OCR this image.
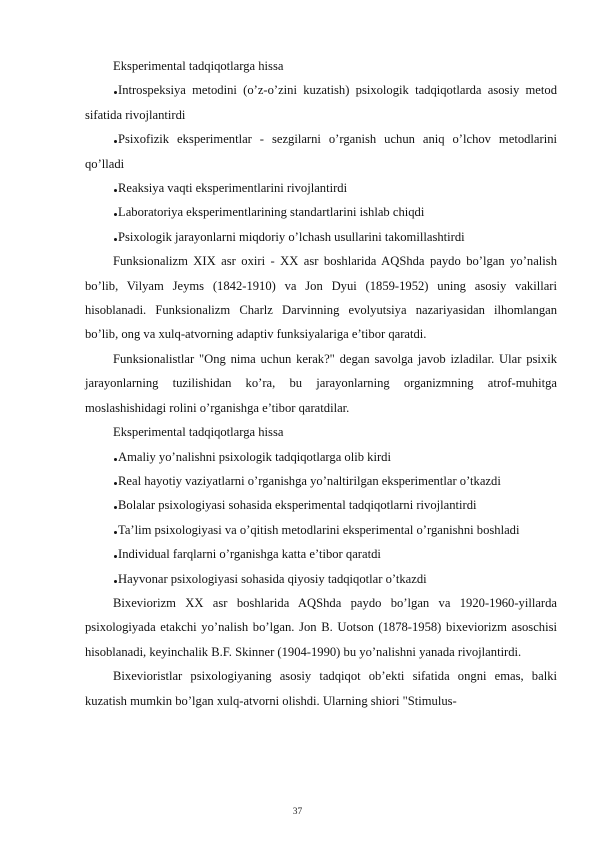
Eksperimental tadqiqotlarga hissa
Introspeksiya metodini (o’z-o’zini kuzatish) psixologik tadqiqotlarda asosiy metod sifatida rivojlantirdi
Psixofizik eksperimentlar - sezgilarni o’rganish uchun aniq o’lchov metodlarini qo’lladi
Reaksiya vaqti eksperimentlarini rivojlantirdi
Laboratoriya eksperimentlarining standartlarini ishlab chiqdi
Psixologik jarayonlarni miqdoriy o’lchash usullarini takomillashtirdi
Funksionalizm XIX asr oxiri - XX asr boshlarida AQShda paydo bo’lgan yo’nalish bo’lib, Vilyam Jeyms (1842-1910) va Jon Dyui (1859-1952) uning asosiy vakillari hisoblanadi. Funksionalizm Charlz Darvinning evolyutsiya nazariyasidan ilhomlangan bo’lib, ong va xulq-atvorning adaptiv funksiyalariga e’tibor qaratdi.
Funksionalistlar "Ong nima uchun kerak?" degan savolga javob izladilar. Ular psixik jarayonlarning tuzilishidan ko’ra, bu jarayonlarning organizmning atrof-muhitga moslashishidagi rolini o’rganishga e’tibor qaratdilar.
Eksperimental tadqiqotlarga hissa
Amaliy yo’nalishni psixologik tadqiqotlarga olib kirdi
Real hayotiy vaziyatlarni o’rganishga yo’naltirilgan eksperimentlar o’tkazdi
Bolalar psixologiyasi sohasida eksperimental tadqiqotlarni rivojlantirdi
Ta’lim psixologiyasi va o’qitish metodlarini eksperimental o’rganishni boshladi
Individual farqlarni o’rganishga katta e’tibor qaratdi
Hayvonar psixologiyasi sohasida qiyosiy tadqiqotlar o’tkazdi
Bixeviorizm XX asr boshlarida AQShda paydo bo’lgan va 1920-1960-yillarda psixologiyada etakchi yo’nalish bo’lgan. Jon B. Uotson (1878-1958) bixeviorizm asoschisi hisoblanadi, keyinchalik B.F. Skinner (1904-1990) bu yo’nalishni yanada rivojlantirdi.
Bixevioristlar psixologiyaning asosiy tadqiqot ob’ekti sifatida ongni emas, balki kuzatish mumkin bo’lgan xulq-atvorni olishdi. Ularning shiori "Stimulus-
37
